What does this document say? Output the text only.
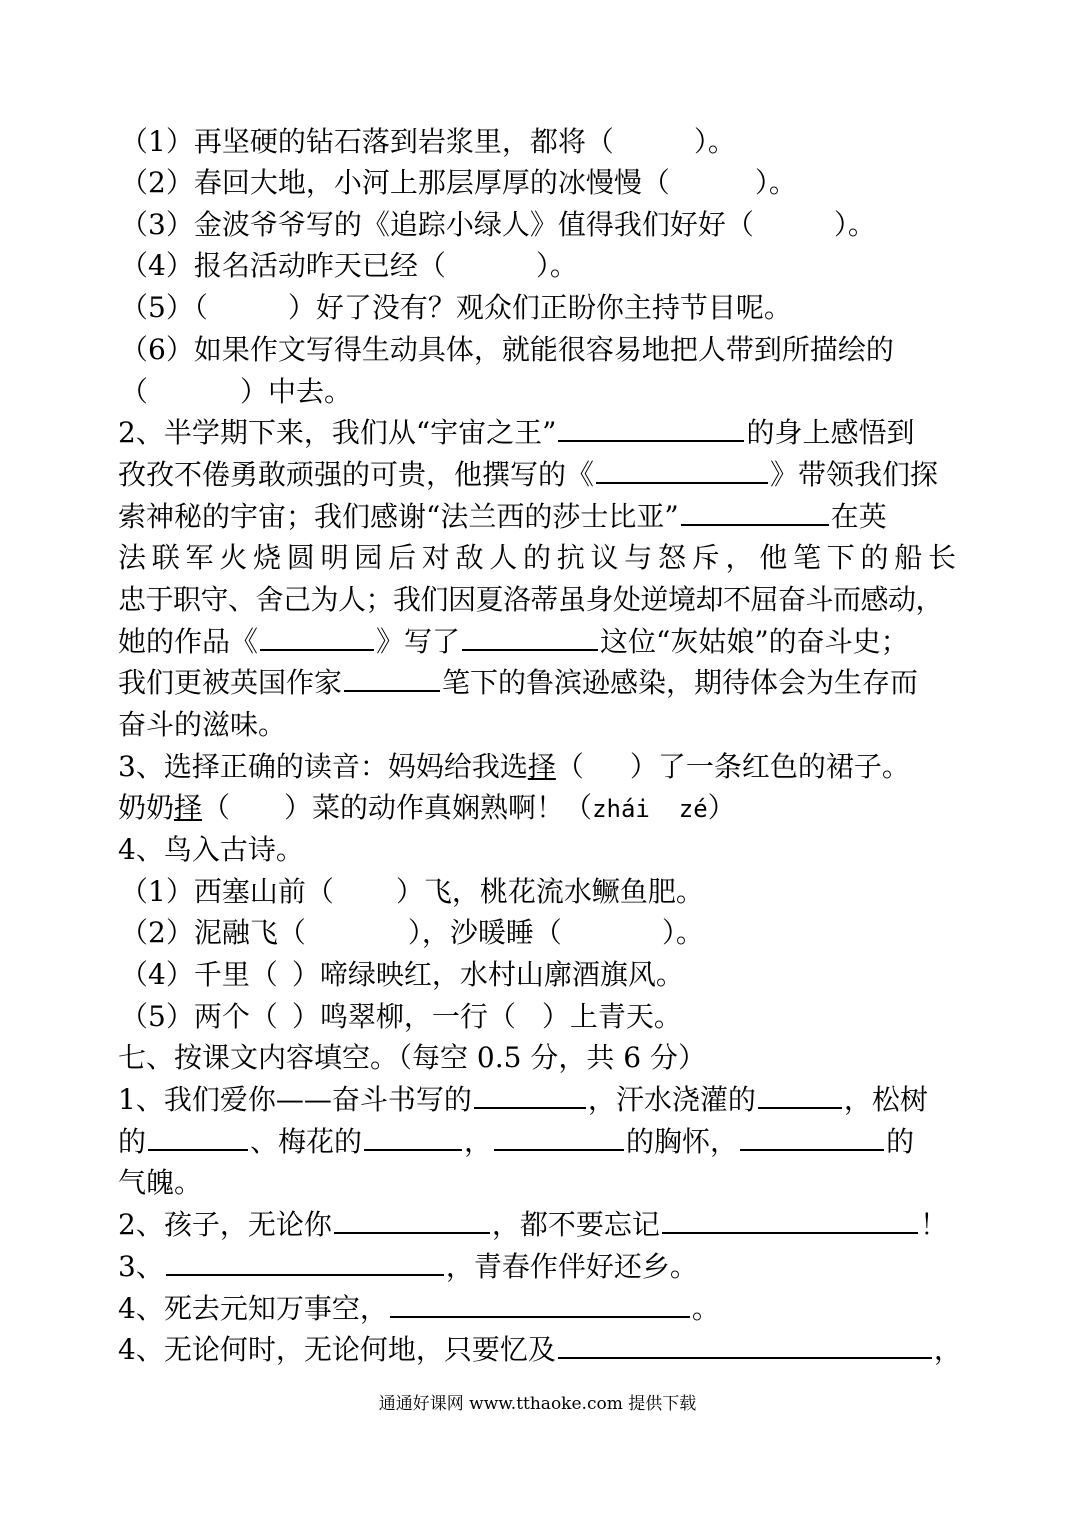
（1）再坚硬的钻石落到岩浆里，都将（	）。
（2）春回大地，小河上那层厚厚的冰慢慢（	）。
（3）金波爷爷写的《追踪小绿人》值得我们好好（	）。
（4）报名活动昨天已经（	）。
（5）（	）好了没有？观众们正盼你主持节目呢。
（6）如果作文写得生动具体，就能很容易地把人带到所描绘的
（	）中去。
2、半学期下来，我们从“宇宙之王”	的身上感悟到
孜孜不倦勇敢顽强的可贵，他撰写的《	》带领我们探
索神秘的宇宙；我们感谢“法兰西的莎士比亚”	在英
法联军火烧圆明园后对敌人的抗议与怒斥，他笔下的船长
忠于职守、舍己为人；我们因夏洛蒂虽身处逆境却不屈奋斗而感动，
她的作品《	》写了	这位“灰姑娘”的奋斗史；
我们更被英国作家	笔下的鲁滨逊感染，期待体会为生存而
奋斗的滋味。
3、选择正确的读音：妈妈给我选择（ ）了一条红色的裙子。
奶奶择（ ）菜的动作真娴熟啊！（zhái  zé）
4、鸟入古诗。
（1）西塞山前（ ）飞，桃花流水鳜鱼肥。
（2）泥融飞（	），沙暖睡（	）。
（4）千里（ ）啼绿映红，水村山廓酒旗风。
（5）两个（ ）鸣翠柳，一行（ ）上青天。
七、按课文内容填空。（每空 0.5 分，共 6 分）
1、我们爱你——奋斗书写的	，汗水浇灌的	，松树
的	、梅花的	，	的胸怀，	的
气魄。
2、孩子，无论你	，都不要忘记	！
3、	，青春作伴好还乡。
4、死去元知万事空，	。
4、无论何时，无论何地，只要忆及	，
通通好课网 www.tthaoke.com 提供下载
